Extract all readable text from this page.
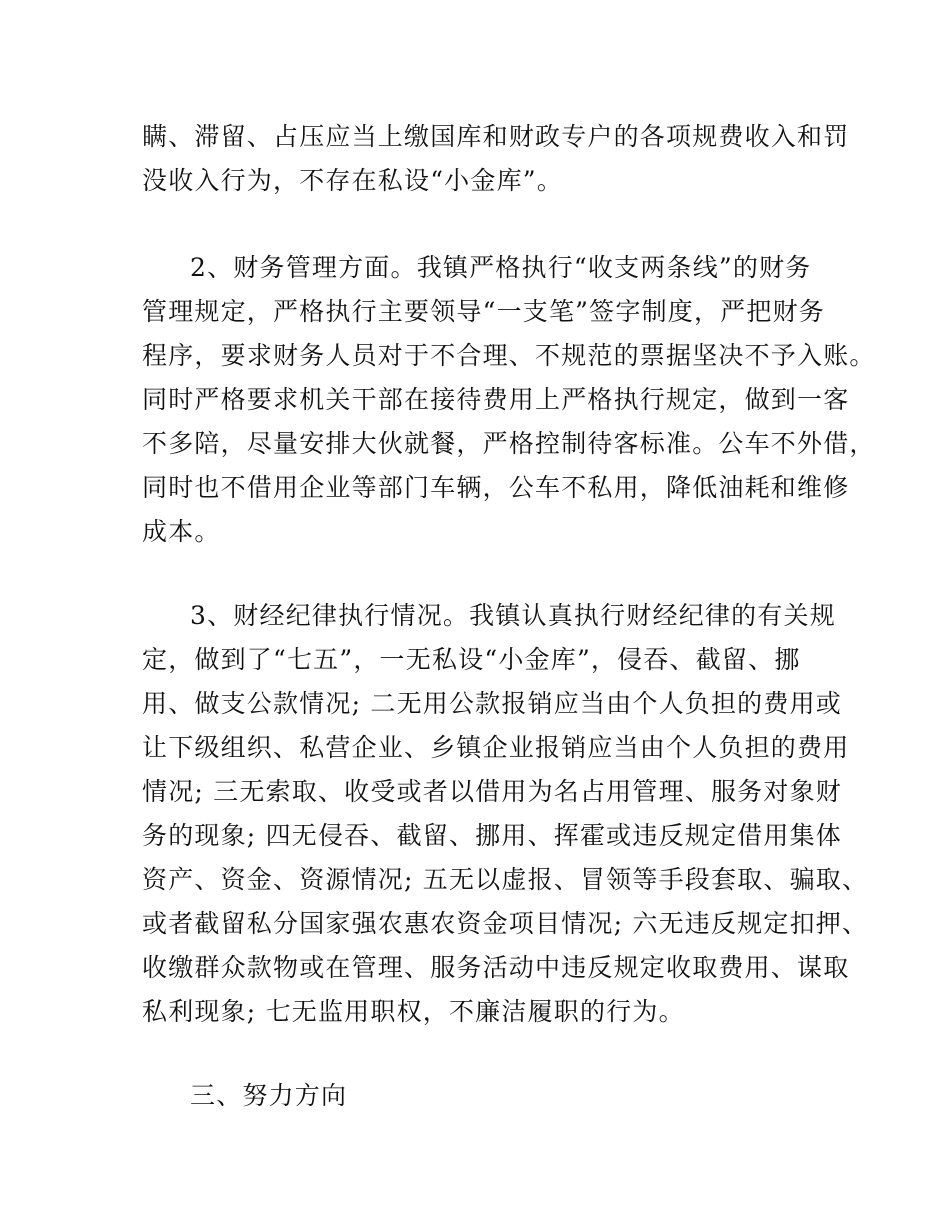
瞒、滞留、占压应当上缴国库和财政专户的各项规费收入和罚
没收入行为，不存在私设“小金库”。
2、财务管理方面。我镇严格执行“收支两条线”的财务
管理规定，严格执行主要领导“一支笔”签字制度，严把财务
程序，要求财务人员对于不合理、不规范的票据坚决不予入账。
同时严格要求机关干部在接待费用上严格执行规定，做到一客
不多陪，尽量安排大伙就餐，严格控制待客标准。公车不外借，
同时也不借用企业等部门车辆，公车不私用，降低油耗和维修
成本。
3、财经纪律执行情况。我镇认真执行财经纪律的有关规
定，做到了“七五”，一无私设“小金库”，侵吞、截留、挪
用、做支公款情况; 二无用公款报销应当由个人负担的费用或
让下级组织、私营企业、乡镇企业报销应当由个人负担的费用
情况; 三无索取、收受或者以借用为名占用管理、服务对象财
务的现象; 四无侵吞、截留、挪用、挥霍或违反规定借用集体
资产、资金、资源情况; 五无以虚报、冒领等手段套取、骗取、
或者截留私分国家强农惠农资金项目情况; 六无违反规定扣押、
收缴群众款物或在管理、服务活动中违反规定收取费用、谋取
私利现象; 七无监用职权，不廉洁履职的行为。
三、努力方向
